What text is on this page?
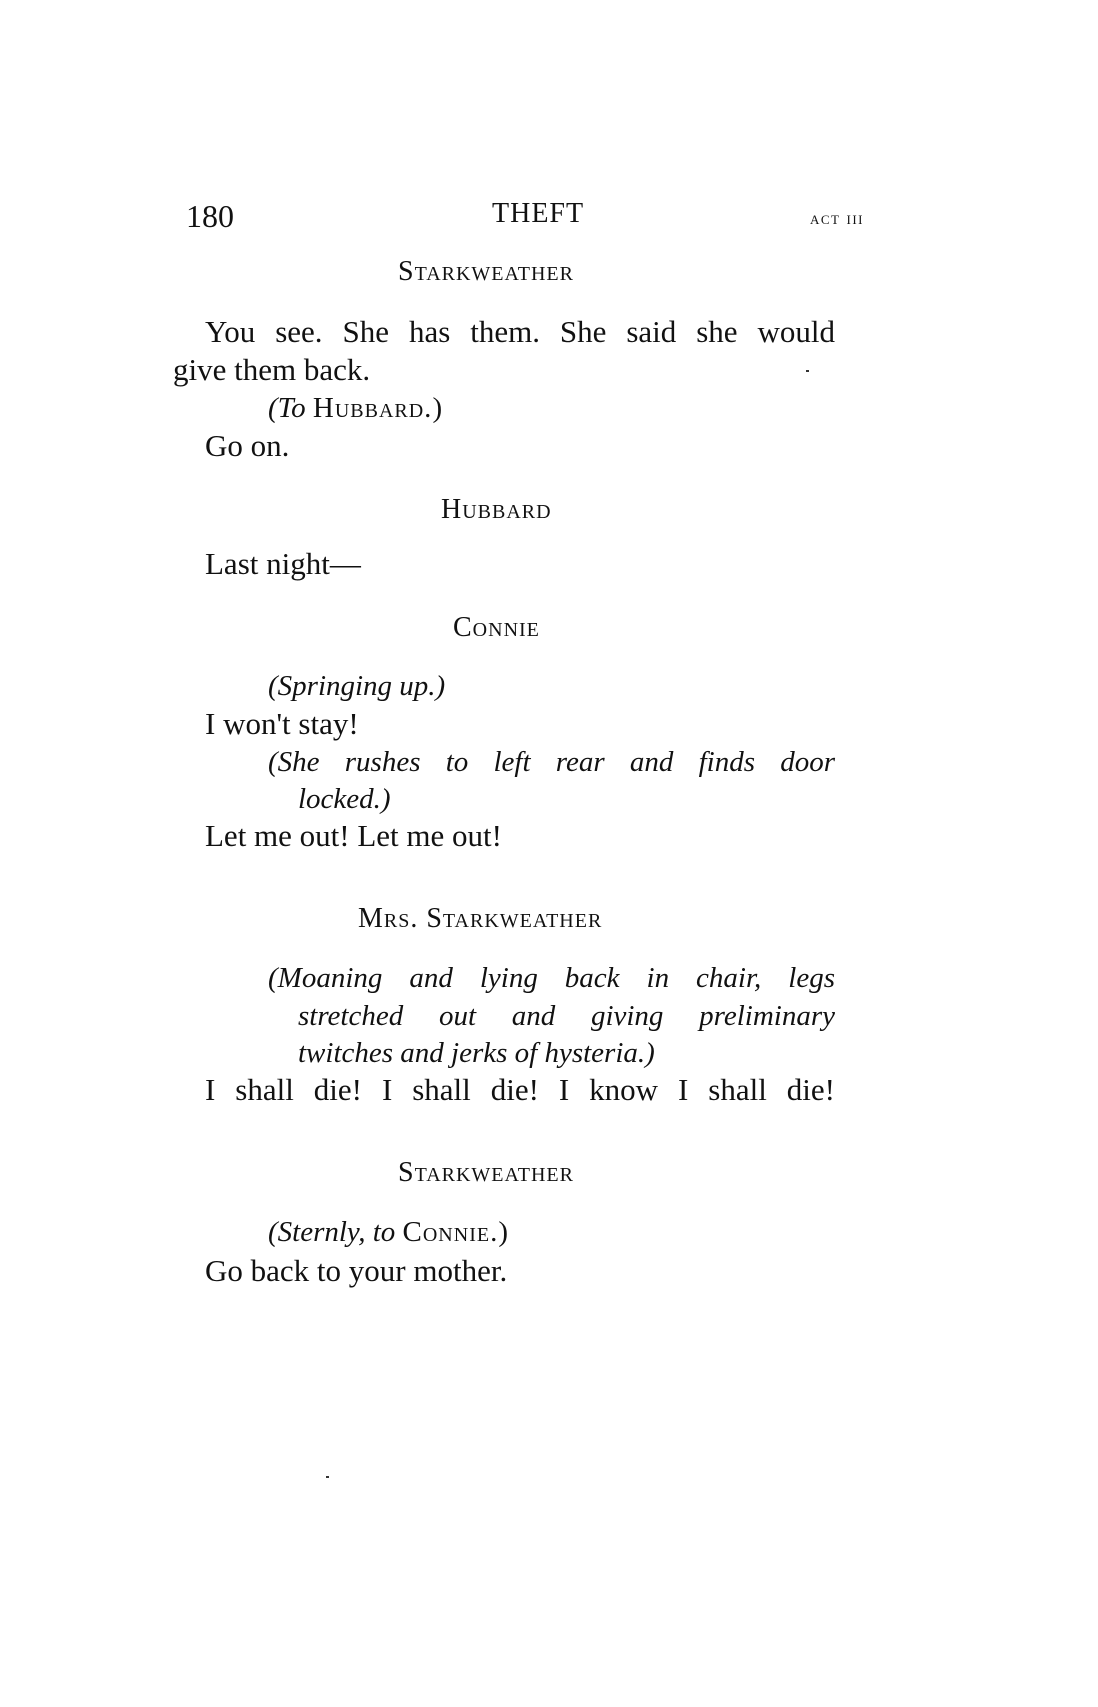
180	THEFT	act iii
Starkweather
You see. She has them. She said she would
give them back.
(To Hubbard.)
Go on.
Hubbard
Last night—
Connie
(Springing up.)
I won't stay!
(She rushes to left rear and finds door
locked.)
Let me out! Let me out!
Mrs. Starkweather
(Moaning and lying back in chair, legs
stretched out and giving preliminary
twitches and jerks of hysteria.)
I shall die! I shall die! I know I shall die!
Starkweather
(Sternly, to Connie.)
Go back to your mother.
